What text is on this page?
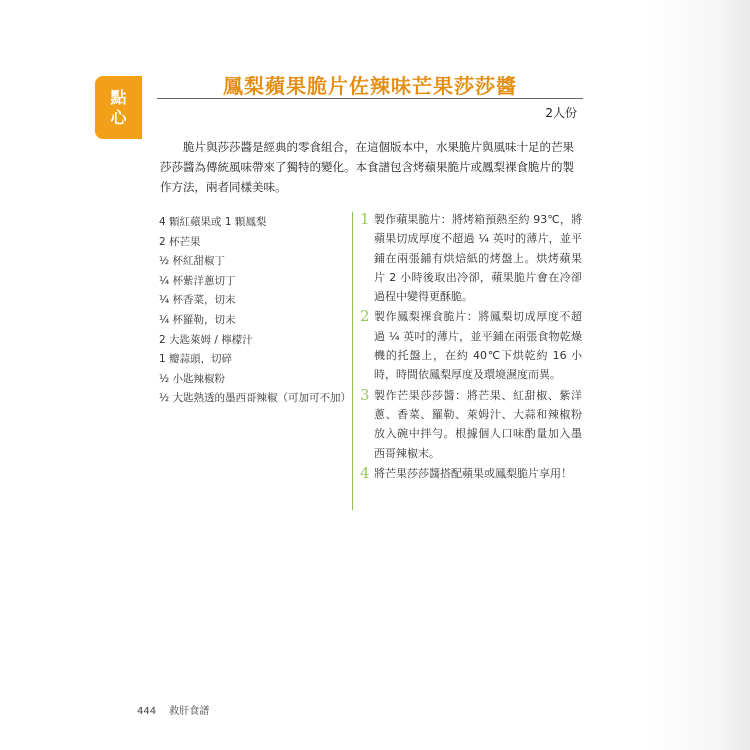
點
心
鳳梨蘋果脆片佐辣味芒果莎莎醬
2人份
脆片與莎莎醬是經典的零食組合，在這個版本中，水果脆片與風味十足的芒果莎莎醬為傳統風味帶來了獨特的變化。本食譜包含烤蘋果脆片或鳳梨裸食脆片的製作方法，兩者同樣美味。
4 顆紅蘋果或 1 顆鳳梨
2 杯芒果
½ 杯紅甜椒丁
¼ 杯紫洋蔥切丁
¼ 杯香菜，切末
¼ 杯羅勒，切末
2 大匙萊姆 / 檸檬汁
1 瓣蒜頭，切碎
½ 小匙辣椒粉
½ 大匙熟透的墨西哥辣椒（可加可不加）
1 製作蘋果脆片：將烤箱預熱至約 93℃，將蘋果切成厚度不超過 ¼ 英吋的薄片，並平鋪在兩張鋪有烘焙紙的烤盤上。烘烤蘋果片 2 小時後取出冷卻，蘋果脆片會在冷卻過程中變得更酥脆。
2 製作鳳梨裸食脆片：將鳳梨切成厚度不超過 ¼ 英吋的薄片，並平鋪在兩張食物乾燥機的托盤上，在約 40℃下烘乾約 16 小時，時間依鳳梨厚度及環境濕度而異。
3 製作芒果莎莎醬：將芒果、紅甜椒、紫洋蔥、香菜、羅勒、萊姆汁、大蒜和辣椒粉放入碗中拌勻。根據個人口味酌量加入墨西哥辣椒末。
4 將芒果莎莎醬搭配蘋果或鳳梨脆片享用！
444 救肝食譜
